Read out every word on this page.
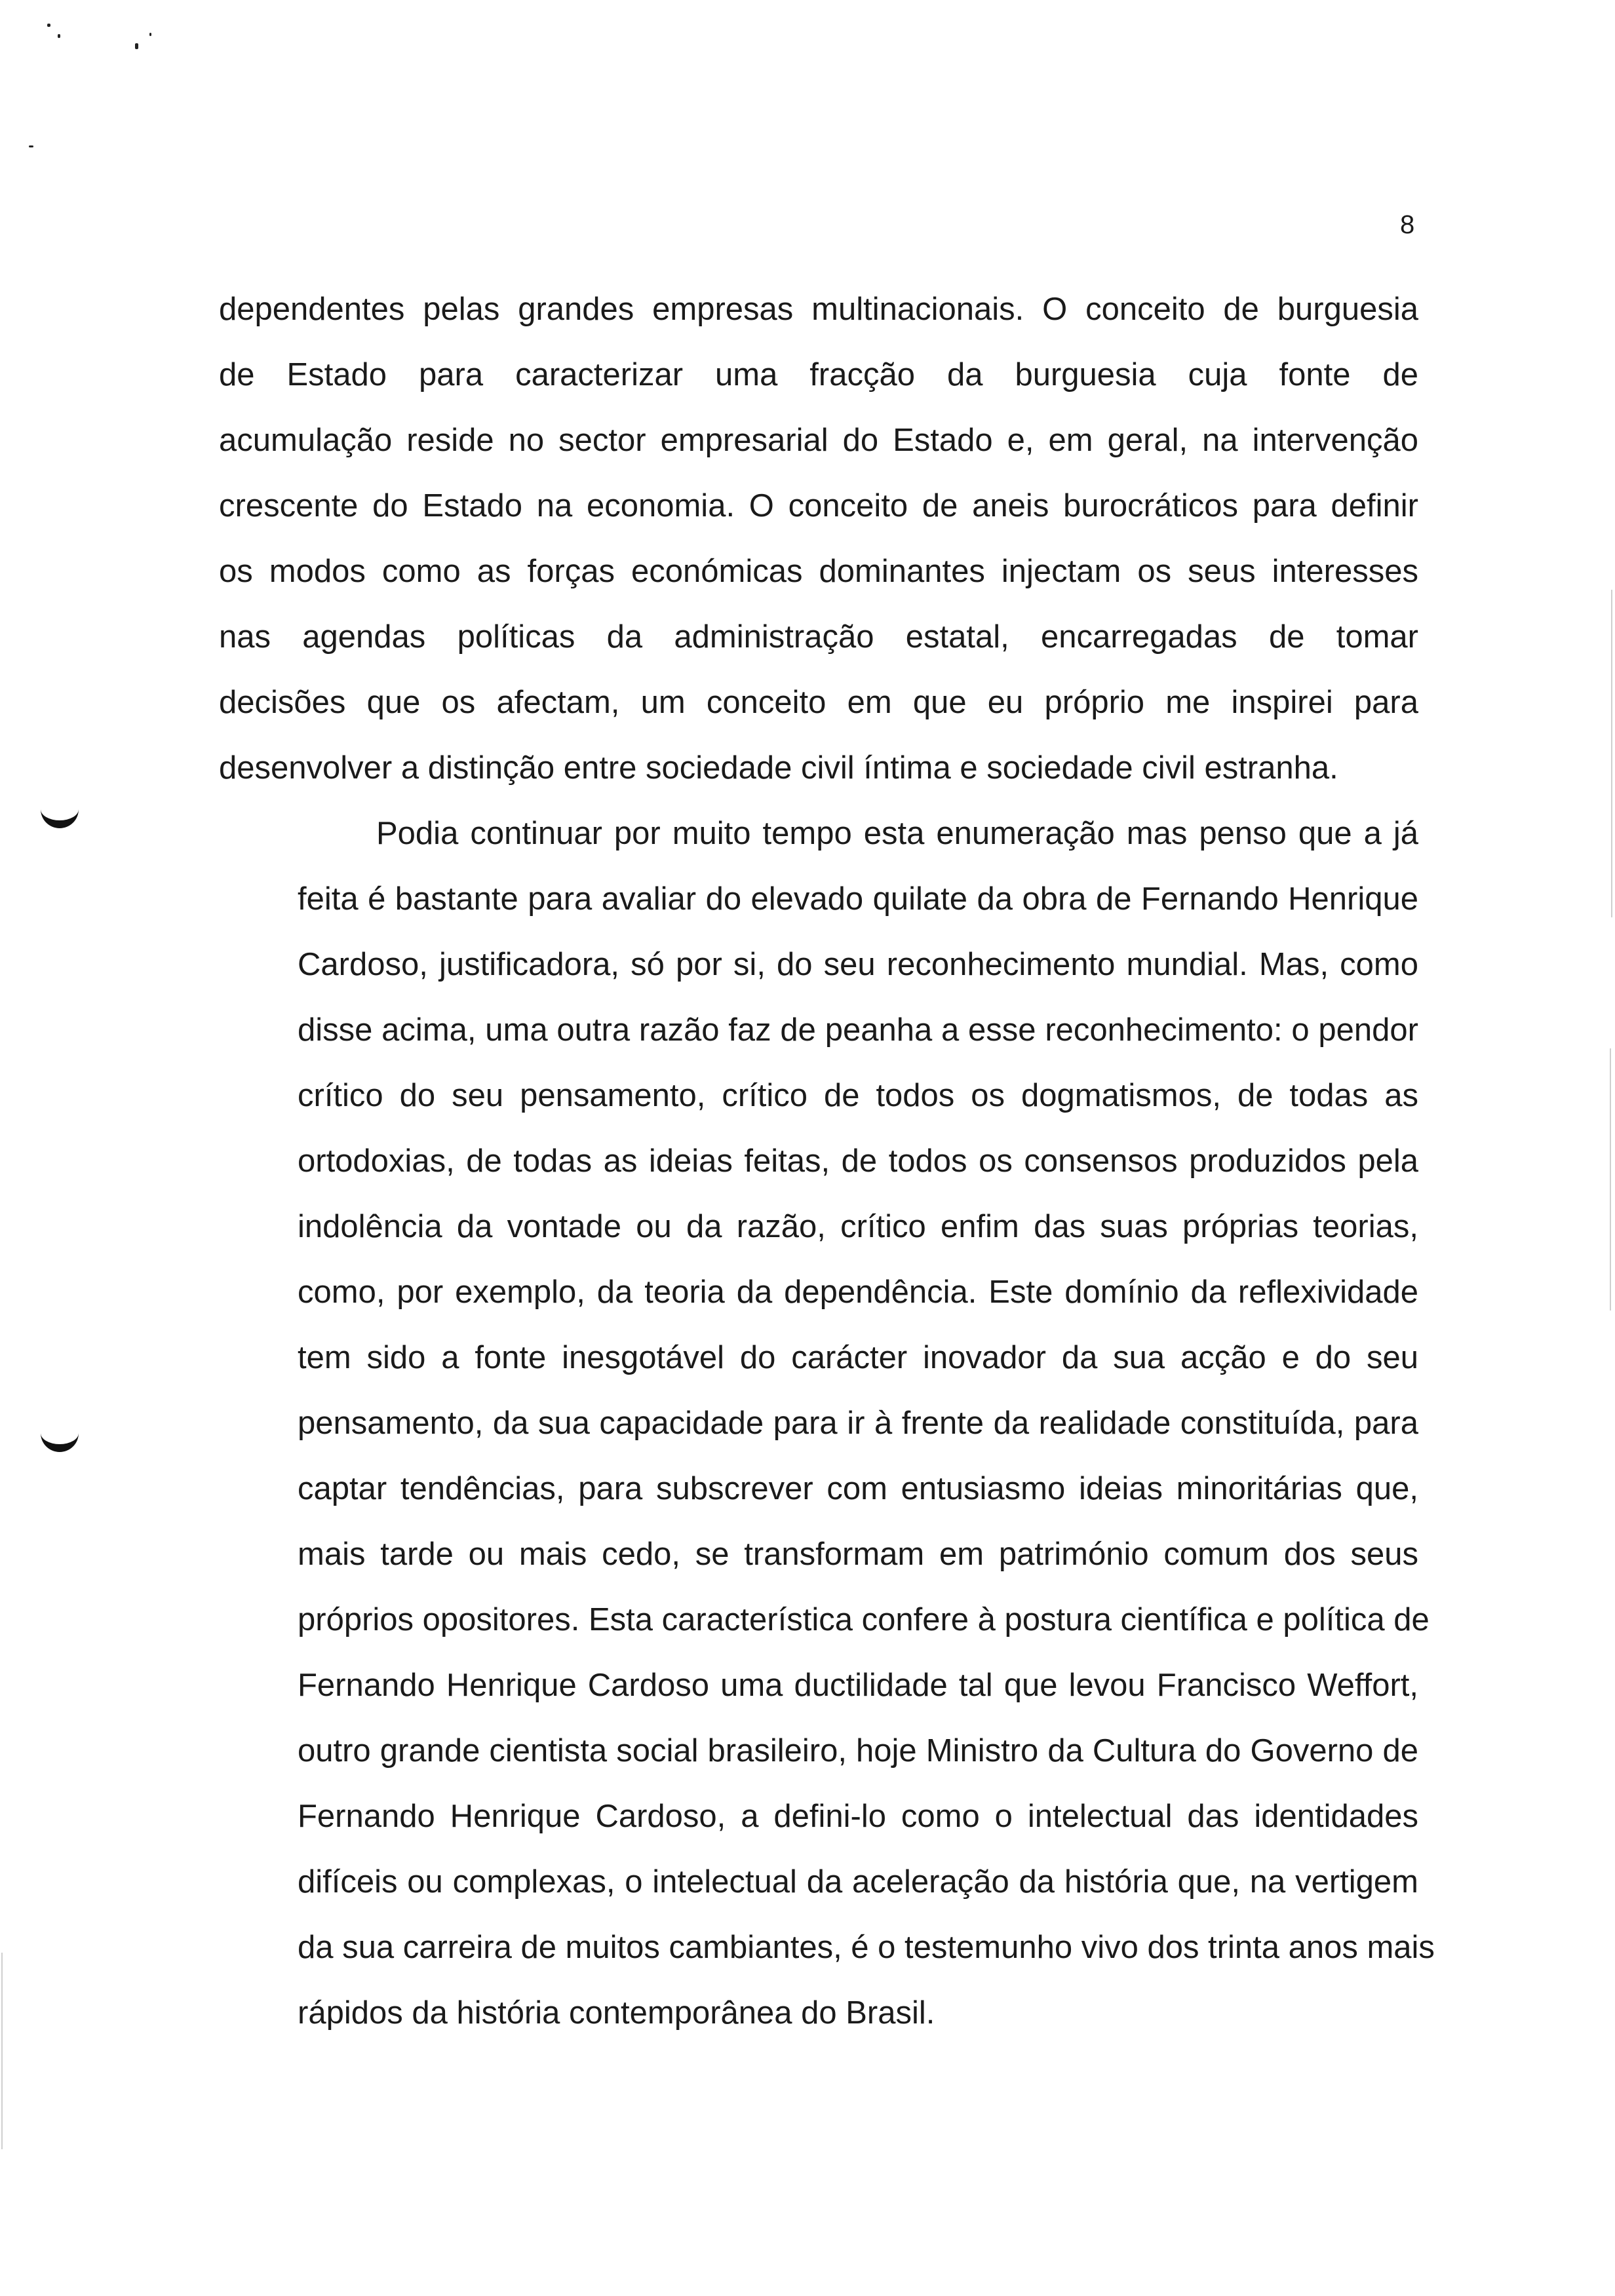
8

dependentes pelas grandes empresas multinacionais. O conceito de burguesia
de Estado para caracterizar uma fracção da burguesia cuja fonte de
acumulação reside no sector empresarial do Estado e, em geral, na intervenção
crescente do Estado na economia. O conceito de aneis burocráticos para definir
os modos como as forças económicas dominantes injectam os seus interesses
nas agendas políticas da administração estatal, encarregadas de tomar
decisões que os afectam, um conceito em que eu próprio me inspirei para
desenvolver a distinção entre sociedade civil íntima e sociedade civil estranha.

Podia continuar por muito tempo esta enumeração mas penso que a já
feita é bastante para avaliar do elevado quilate da obra de Fernando Henrique
Cardoso, justificadora, só por si, do seu reconhecimento mundial. Mas, como
disse acima, uma outra razão faz de peanha a esse reconhecimento: o pendor
crítico do seu pensamento, crítico de todos os dogmatismos, de todas as
ortodoxias, de todas as ideias feitas, de todos os consensos produzidos pela
indolência da vontade ou da razão, crítico enfim das suas próprias teorias,
como, por exemplo, da teoria da dependência. Este domínio da reflexividade
tem sido a fonte inesgotável do carácter inovador da sua acção e do seu
pensamento, da sua capacidade para ir à frente da realidade constituída, para
captar tendências, para subscrever com entusiasmo ideias minoritárias que,
mais tarde ou mais cedo, se transformam em património comum dos seus
próprios opositores. Esta característica confere à postura científica e política de
Fernando Henrique Cardoso uma ductilidade tal que levou Francisco Weffort,
outro grande cientista social brasileiro, hoje Ministro da Cultura do Governo de
Fernando Henrique Cardoso, a defini-lo como o intelectual das identidades
difíceis ou complexas, o intelectual da aceleração da história que, na vertigem
da sua carreira de muitos cambiantes, é o testemunho vivo dos trinta anos mais
rápidos da história contemporânea do Brasil.
